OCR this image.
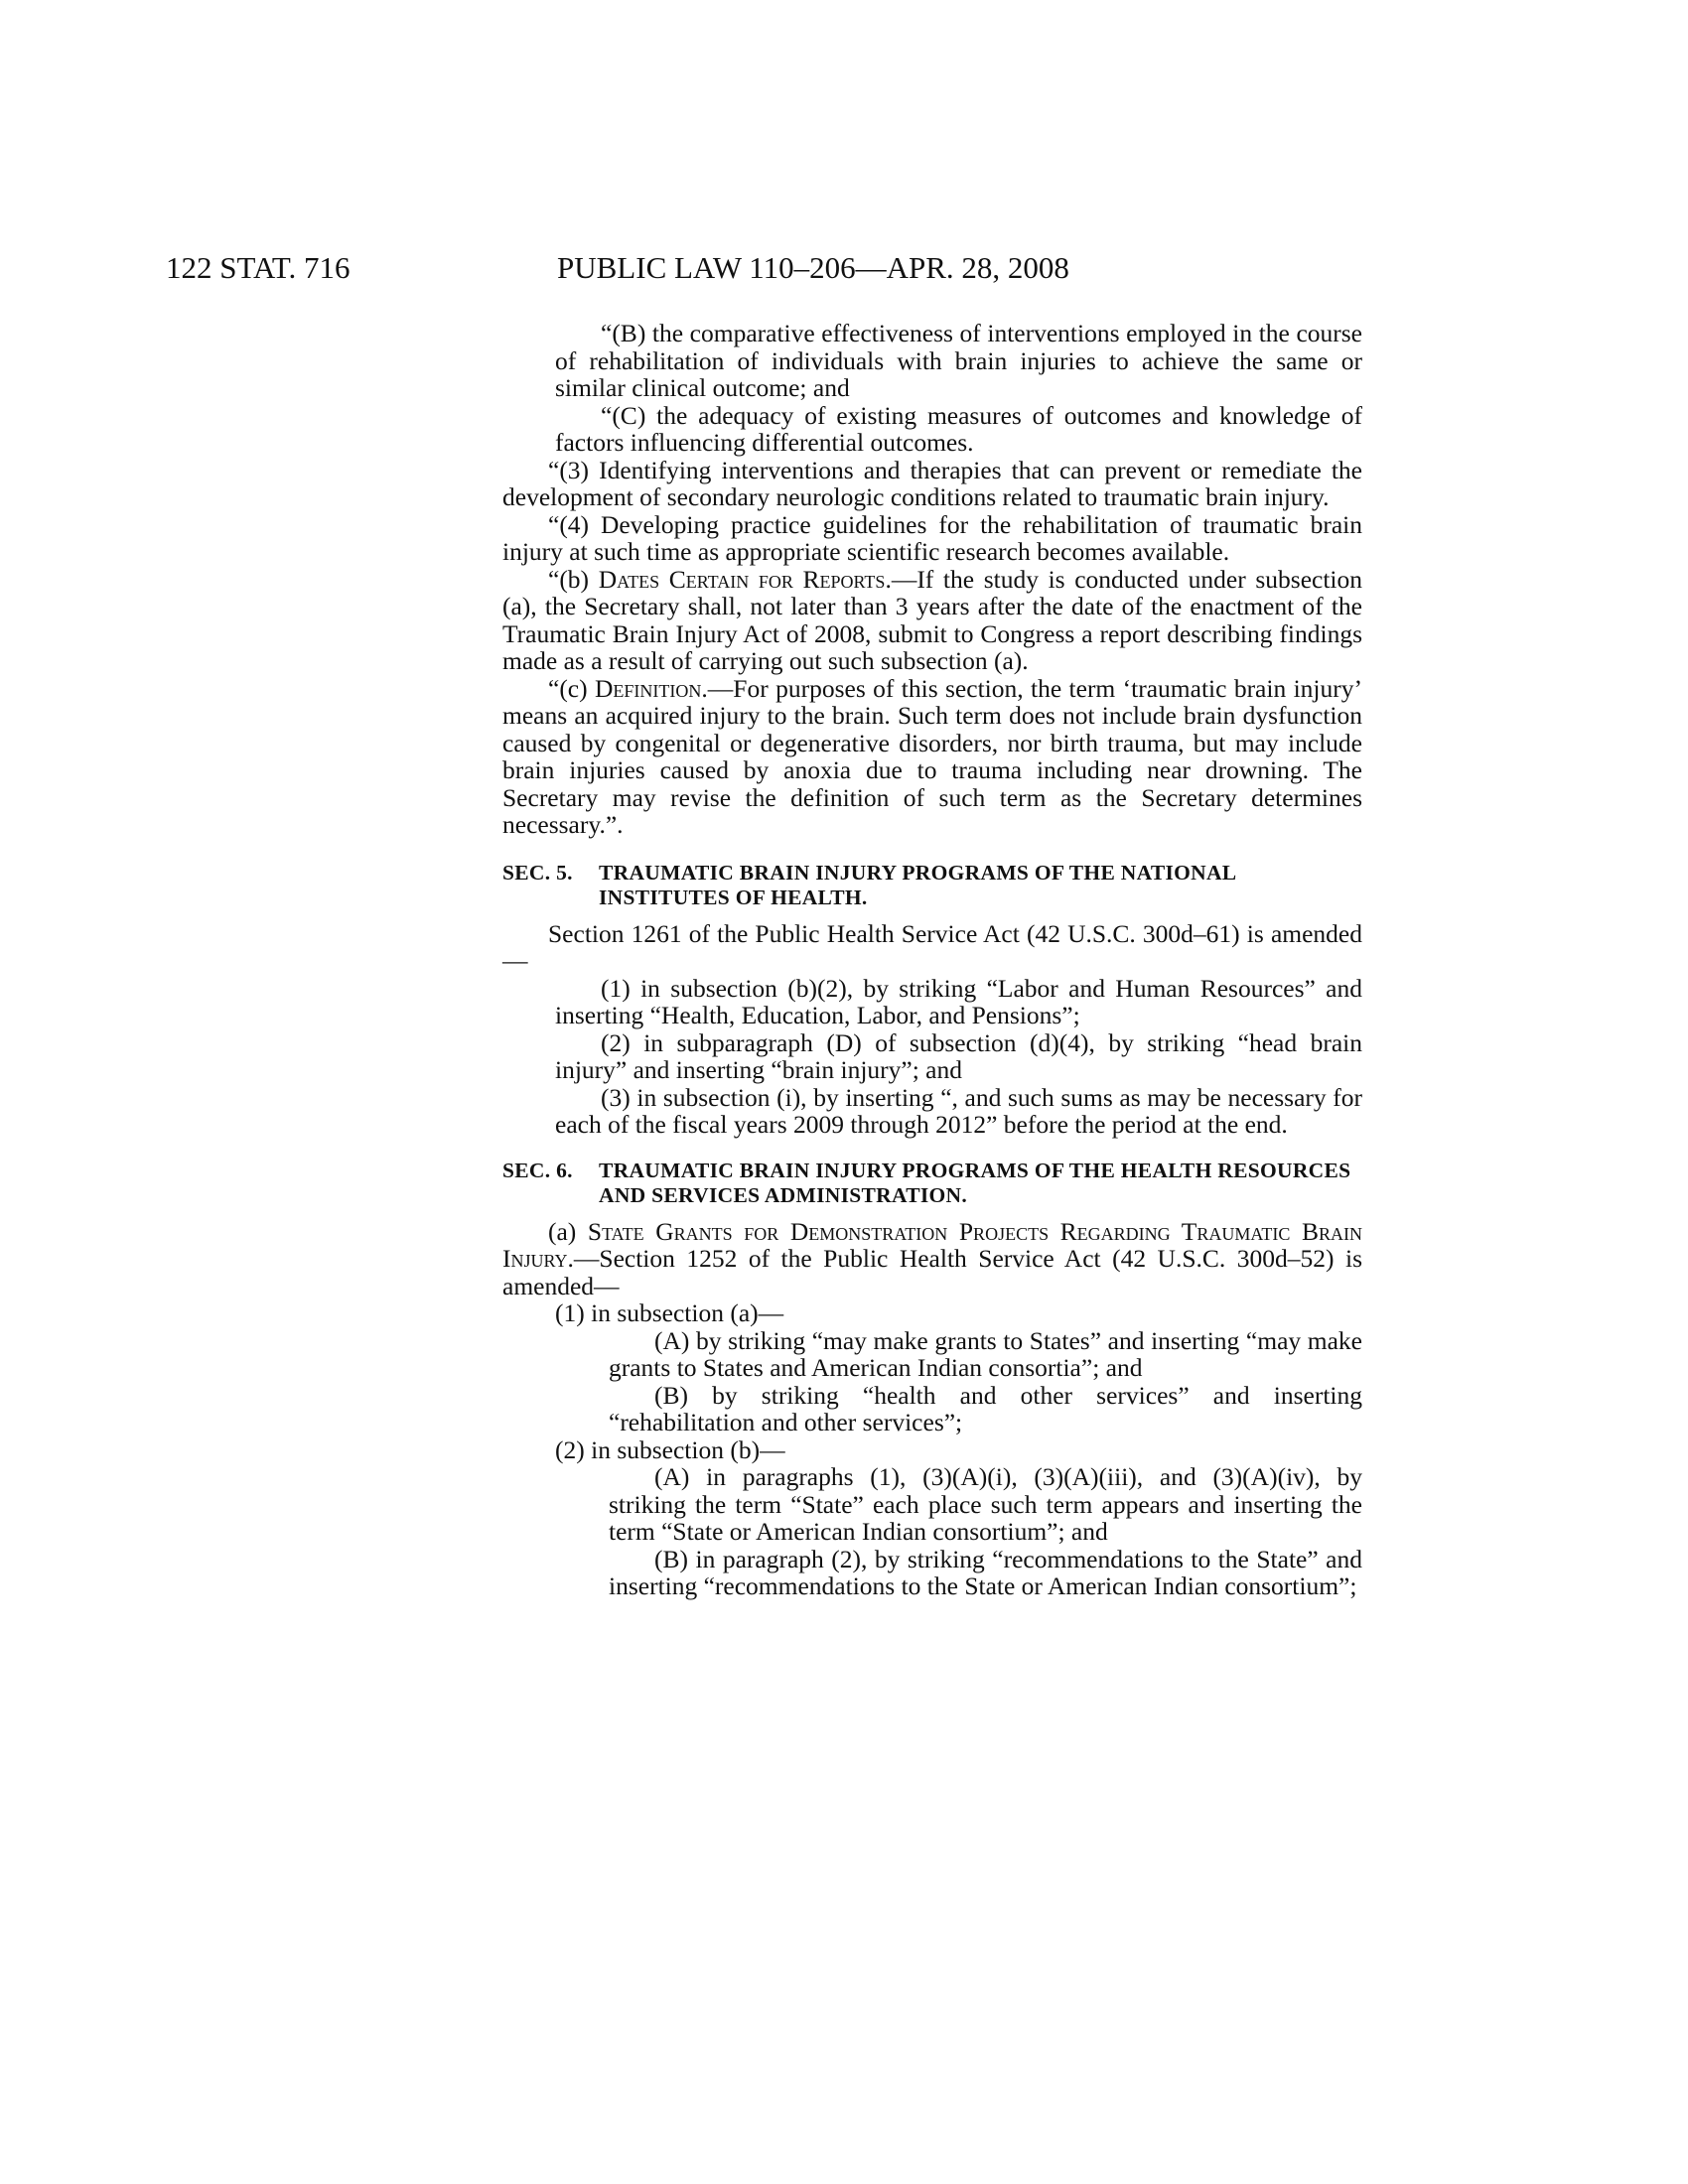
122 STAT. 716	PUBLIC LAW 110–206—APR. 28, 2008

“(B) the comparative effectiveness of interventions employed in the course of rehabilitation of individuals with brain injuries to achieve the same or similar clinical outcome; and

“(C) the adequacy of existing measures of outcomes and knowledge of factors influencing differential outcomes.

“(3) Identifying interventions and therapies that can prevent or remediate the development of secondary neurologic conditions related to traumatic brain injury.

“(4) Developing practice guidelines for the rehabilitation of traumatic brain injury at such time as appropriate scientific research becomes available.

“(b) Dates Certain for Reports.—If the study is conducted under subsection (a), the Secretary shall, not later than 3 years after the date of the enactment of the Traumatic Brain Injury Act of 2008, submit to Congress a report describing findings made as a result of carrying out such subsection (a).

“(c) Definition.—For purposes of this section, the term ‘traumatic brain injury’ means an acquired injury to the brain. Such term does not include brain dysfunction caused by congenital or degenerative disorders, nor birth trauma, but may include brain injuries caused by anoxia due to trauma including near drowning. The Secretary may revise the definition of such term as the Secretary determines necessary.”.

SEC. 5. TRAUMATIC BRAIN INJURY PROGRAMS OF THE NATIONAL INSTITUTES OF HEALTH.

Section 1261 of the Public Health Service Act (42 U.S.C. 300d–61) is amended—

(1) in subsection (b)(2), by striking “Labor and Human Resources” and inserting “Health, Education, Labor, and Pensions”;

(2) in subparagraph (D) of subsection (d)(4), by striking “head brain injury” and inserting “brain injury”; and

(3) in subsection (i), by inserting “, and such sums as may be necessary for each of the fiscal years 2009 through 2012” before the period at the end.

SEC. 6. TRAUMATIC BRAIN INJURY PROGRAMS OF THE HEALTH RESOURCES AND SERVICES ADMINISTRATION.

(a) State Grants for Demonstration Projects Regarding Traumatic Brain Injury.—Section 1252 of the Public Health Service Act (42 U.S.C. 300d–52) is amended—

(1) in subsection (a)—

(A) by striking “may make grants to States” and inserting “may make grants to States and American Indian consortia”; and

(B) by striking “health and other services” and inserting “rehabilitation and other services”;

(2) in subsection (b)—

(A) in paragraphs (1), (3)(A)(i), (3)(A)(iii), and (3)(A)(iv), by striking the term “State” each place such term appears and inserting the term “State or American Indian consortium”; and

(B) in paragraph (2), by striking “recommendations to the State” and inserting “recommendations to the State or American Indian consortium”;
